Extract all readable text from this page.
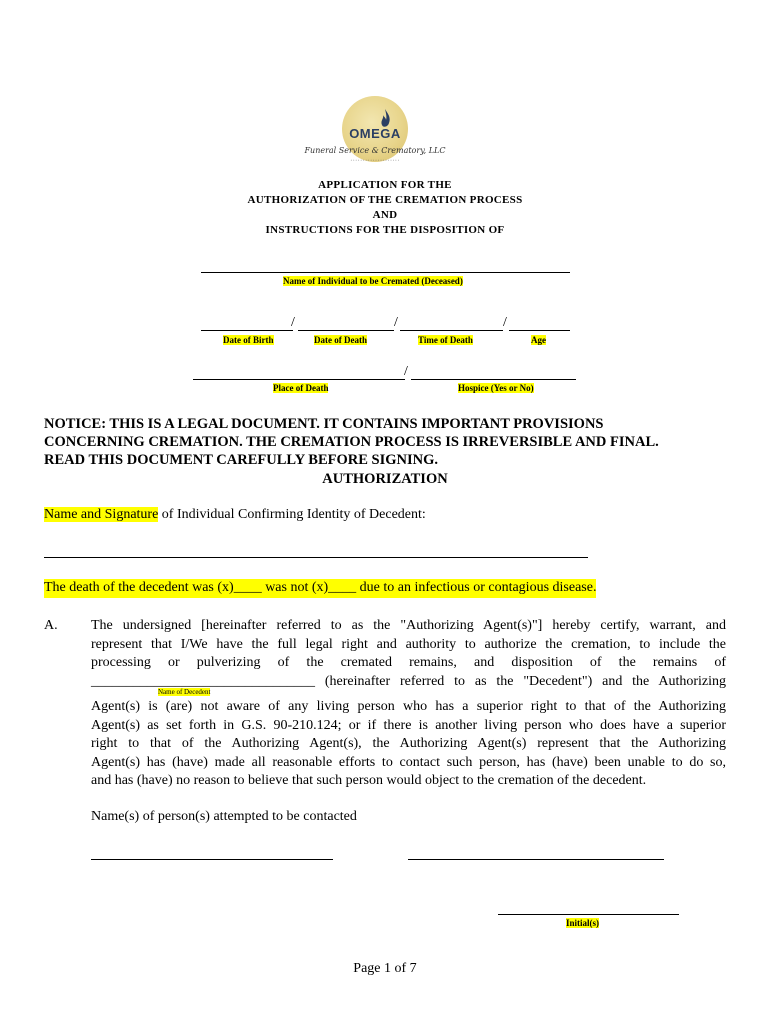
OMEGA
Funeral Service & Crematory, LLC
• • • • • • • • • • • • • • • • • • • •
APPLICATION FOR THE
AUTHORIZATION OF THE CREMATION PROCESS
AND
INSTRUCTIONS FOR THE DISPOSITION OF
Name of Individual to be Cremated (Deceased)
/	/	/
Date of Birth	Date of Death	Time of Death	Age
/
Place of Death	Hospice (Yes or No)
NOTICE: THIS IS A LEGAL DOCUMENT. IT CONTAINS IMPORTANT PROVISIONS
CONCERNING CREMATION. THE CREMATION PROCESS IS IRREVERSIBLE AND FINAL.
READ THIS DOCUMENT CAREFULLY BEFORE SIGNING.
AUTHORIZATION
Name and Signature of Individual Confirming Identity of Decedent:
The death of the decedent was (x)____ was not (x)____ due to an infectious or contagious disease.
A. The undersigned [hereinafter referred to as the "Authorizing Agent(s)"] hereby certify, warrant, and
represent that I/We have the full legal right and authority to authorize the cremation, to include the
processing or pulverizing of the cremated remains, and disposition of the remains of
________________________________ (hereinafter referred to as the "Decedent") and the Authorizing
Name of Decedent
Agent(s) is (are) not aware of any living person who has a superior right to that of the Authorizing
Agent(s) as set forth in G.S. 90-210.124; or if there is another living person who does have a superior
right to that of the Authorizing Agent(s), the Authorizing Agent(s) represent that the Authorizing
Agent(s) has (have) made all reasonable efforts to contact such person, has (have) been unable to do so,
and has (have) no reason to believe that such person would object to the cremation of the decedent.
Name(s) of person(s) attempted to be contacted
Initial(s)
Page 1 of 7
